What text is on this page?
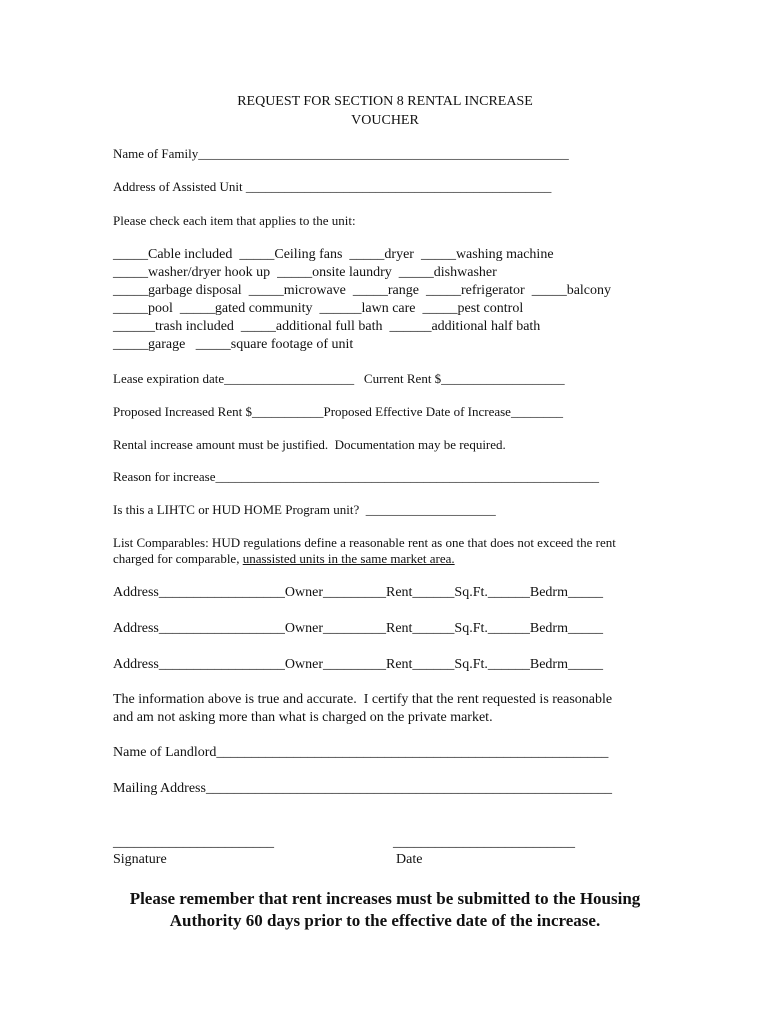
REQUEST FOR SECTION 8 RENTAL INCREASE
VOUCHER
Name of Family_________________________________________________________
Address of Assisted Unit _______________________________________________
Please check each item that applies to the unit:
_____Cable included  _____Ceiling fans  _____dryer  _____washing machine
_____washer/dryer hook up  _____onsite laundry  _____dishwasher
_____garbage disposal  _____microwave  _____range  _____refrigerator  _____balcony
_____pool  _____gated community  ______lawn care  _____pest control
______trash included  _____additional full bath  ______additional half bath
_____garage   _____square footage of unit
Lease expiration date____________________   Current Rent $___________________
Proposed Increased Rent $___________Proposed Effective Date of Increase________
Rental increase amount must be justified.  Documentation may be required.
Reason for increase___________________________________________________________
Is this a LIHTC or HUD HOME Program unit?  ____________________
List Comparables: HUD regulations define a reasonable rent as one that does not exceed the rent
charged for comparable, unassisted units in the same market area.
Address__________________Owner_________Rent______Sq.Ft.______Bedrm_____
Address__________________Owner_________Rent______Sq.Ft.______Bedrm_____
Address__________________Owner_________Rent______Sq.Ft.______Bedrm_____
The information above is true and accurate.  I certify that the rent requested is reasonable
and am not asking more than what is charged on the private market.
Name of Landlord________________________________________________________
Mailing Address__________________________________________________________
_______________________
Signature
__________________________
Date
Please remember that rent increases must be submitted to the Housing
Authority 60 days prior to the effective date of the increase.
